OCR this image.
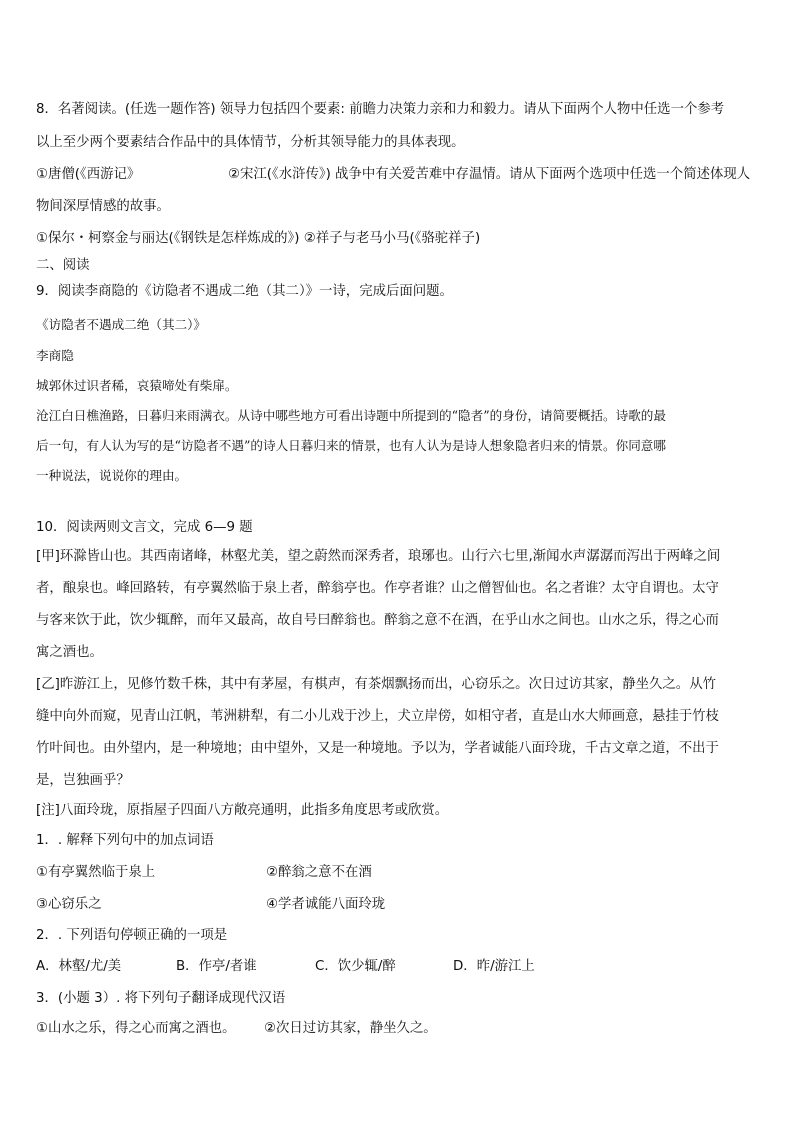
8．名著阅读。(任选一题作答) 领导力包括四个要素: 前瞻力决策力亲和力和毅力。请从下面两个人物中任选一个参考
以上至少两个要素结合作品中的具体情节，分析其领导能力的具体表现。
①唐僧(《西游记》	②宋江(《水浒传》) 战争中有关爱苦难中存温情。请从下面两个选项中任选一个简述体现人
物间深厚情感的故事。
①保尔・柯察金与丽达(《钢铁是怎样炼成的》) ②祥子与老马小马(《骆驼祥子)
二、阅读
9．阅读李商隐的《访隐者不遇成二绝（其二）》一诗，完成后面问题。
《访隐者不遇成二绝（其二）》
李商隐
城郭休过识者稀，哀猿啼处有柴扉。
沧江白日樵渔路，日暮归来雨满衣。从诗中哪些地方可看出诗题中所提到的“隐者”的身份，请简要概括。诗歌的最
后一句，有人认为写的是“访隐者不遇”的诗人日暮归来的情景，也有人认为是诗人想象隐者归来的情景。你同意哪
一种说法，说说你的理由。
10．阅读两则文言文，完成 6—9 题
[甲]环滁皆山也。其西南诸峰，林壑尤美，望之蔚然而深秀者，琅琊也。山行六七里,渐闻水声潺潺而泻出于两峰之间
者，酿泉也。峰回路转，有亭翼然临于泉上者，醉翁亭也。作亭者谁？山之僧智仙也。名之者谁？太守自谓也。太守
与客来饮于此，饮少辄醉，而年又最高，故自号曰醉翁也。醉翁之意不在酒，在乎山水之间也。山水之乐，得之心而
寓之酒也。
[乙]昨游江上，见修竹数千株，其中有茅屋，有棋声，有茶烟飘扬而出，心窃乐之。次日过访其家，静坐久之。从竹
缝中向外而窥，见青山江帆，苇洲耕犁，有二小儿戏于沙上，犬立岸傍，如相守者，直是山水大师画意，悬挂于竹枝
竹叶间也。由外望内，是一种境地；由中望外，又是一种境地。予以为，学者诚能八面玲珑，千古文章之道，不出于
是，岂独画乎？
[注]八面玲珑，原指屋子四面八方敞亮通明，此指多角度思考或欣赏。
1．. 解释下列句中的加点词语
①有亭翼然临于泉上	②醉翁之意不在酒
③心窃乐之	④学者诚能八面玲珑
2．. 下列语句停顿正确的一项是
A．林壑/尤/美	B．作亭/者谁	C．饮少辄/醉	D．昨/游江上
3．(小题 3）. 将下列句子翻译成现代汉语
①山水之乐，得之心而寓之酒也。 ②次日过访其家，静坐久之。
